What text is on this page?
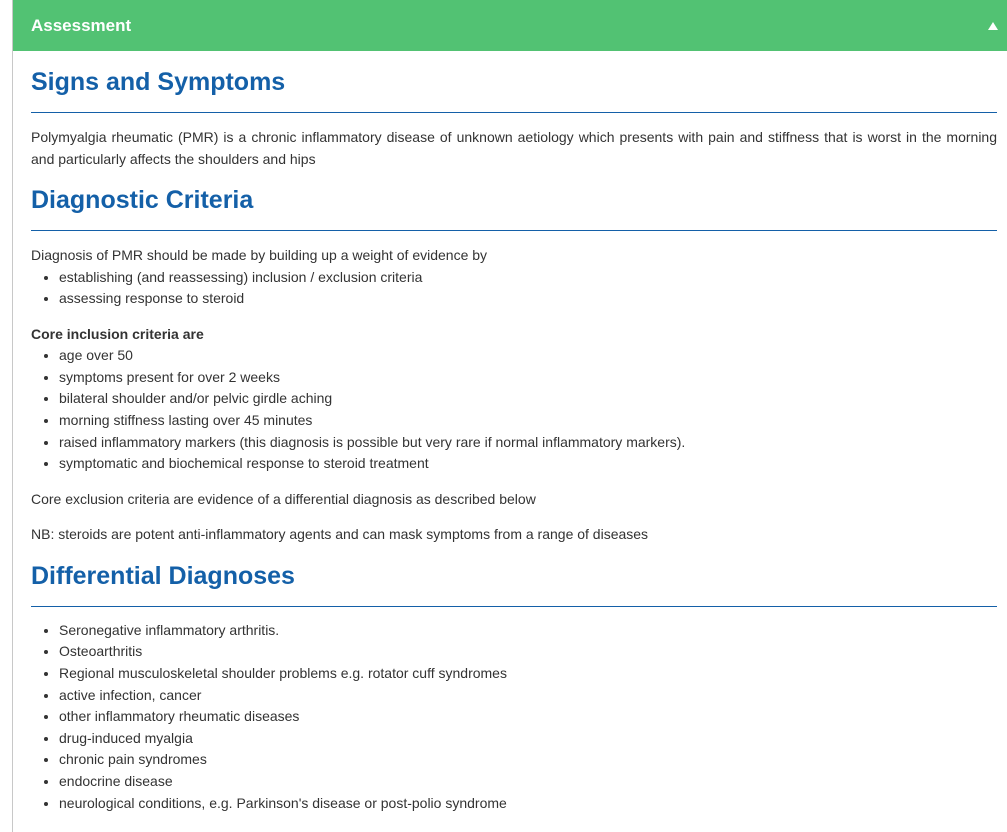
Assessment
Signs and Symptoms

Polymyalgia rheumatic (PMR) is a chronic inflammatory disease of unknown aetiology which presents with pain and stiffness that is worst in the morning and particularly affects the shoulders and hips

Diagnostic Criteria

Diagnosis of PMR should be made by building up a weight of evidence by

• establishing (and reassessing) inclusion / exclusion criteria
• assessing response to steroid

Core inclusion criteria are

• age over 50
• symptoms present for over 2 weeks
• bilateral shoulder and/or pelvic girdle aching
• morning stiffness lasting over 45 minutes
• raised inflammatory markers (this diagnosis is possible but very rare if normal inflammatory markers).
• symptomatic and biochemical response to steroid treatment

Core exclusion criteria are evidence of a differential diagnosis as described below

NB: steroids are potent anti-inflammatory agents and can mask symptoms from a range of diseases

Differential Diagnoses
• Seronegative inflammatory arthritis.
• Osteoarthritis
• Regional musculoskeletal shoulder problems e.g. rotator cuff syndromes
• active infection, cancer
• other inflammatory rheumatic diseases
• drug-induced myalgia
• chronic pain syndromes
• endocrine disease
• neurological conditions, e.g. Parkinson's disease or post-polio syndrome
